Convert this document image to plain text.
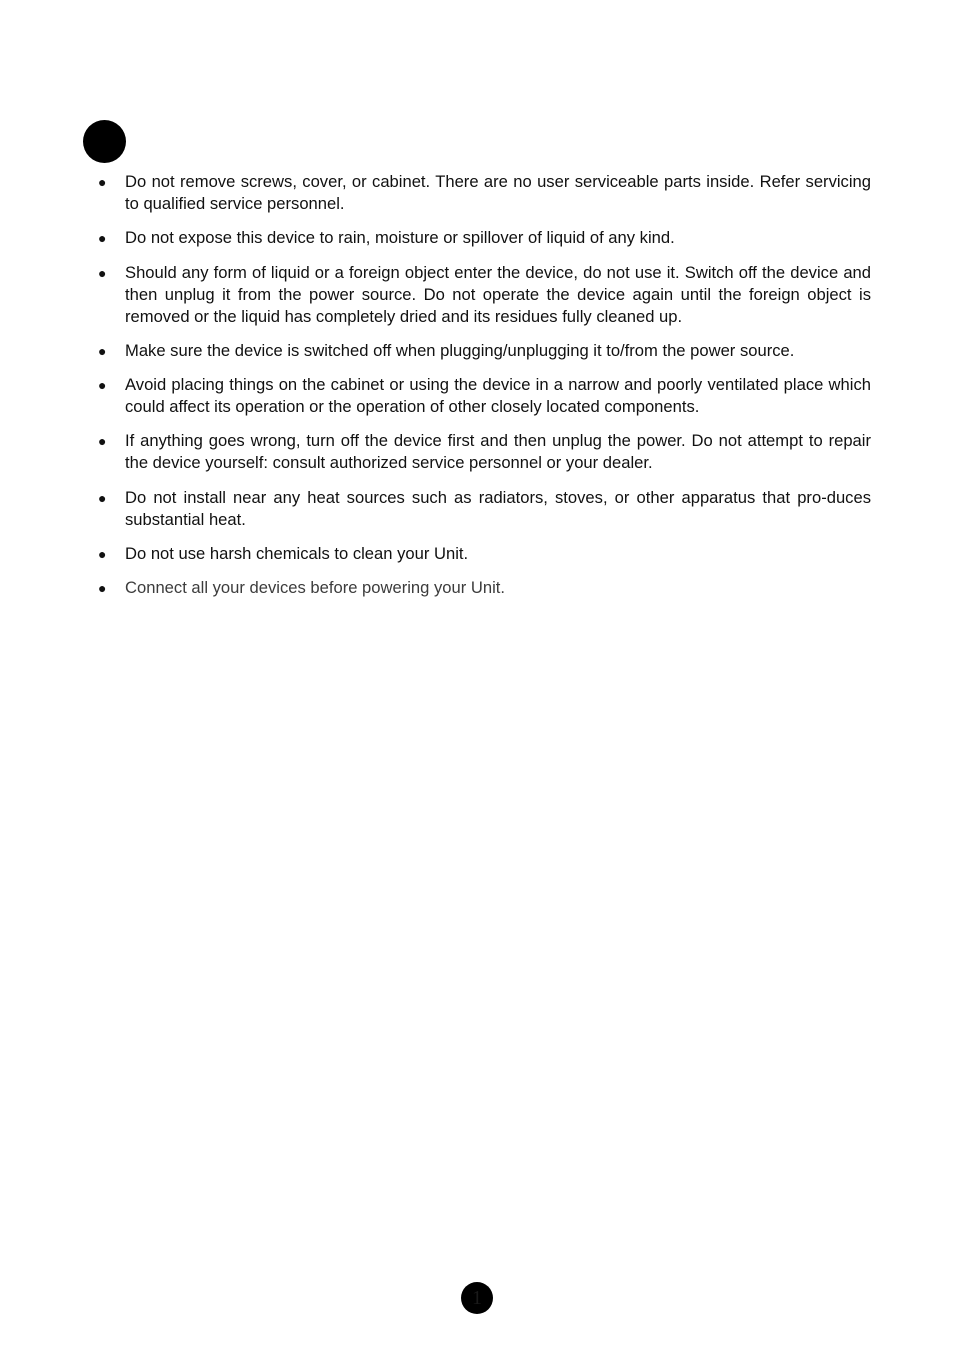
● Do not remove screws, cover, or cabinet. There are no user serviceable parts inside. Refer servicing to qualified service personnel.
● Do not expose this device to rain, moisture or spillover of liquid of any kind.
● Should any form of liquid or a foreign object enter the device, do not use it. Switch off the device and then unplug it from the power source. Do not operate the device again until the foreign object is removed or the liquid has completely dried and its residues fully cleaned up.
● Make sure the device is switched off when plugging/unplugging it to/from the power source.
● Avoid placing things on the cabinet or using the device in a narrow and poorly ventilated place which could affect its operation or the operation of other closely located components.
● If anything goes wrong, turn off the device first and then unplug the power. Do not attempt to repair the device yourself: consult authorized service personnel or your dealer.
● Do not install near any heat sources such as radiators, stoves, or other apparatus that pro-duces substantial heat.
● Do not use harsh chemicals to clean your Unit.
● Connect all your devices before powering your Unit.
1
